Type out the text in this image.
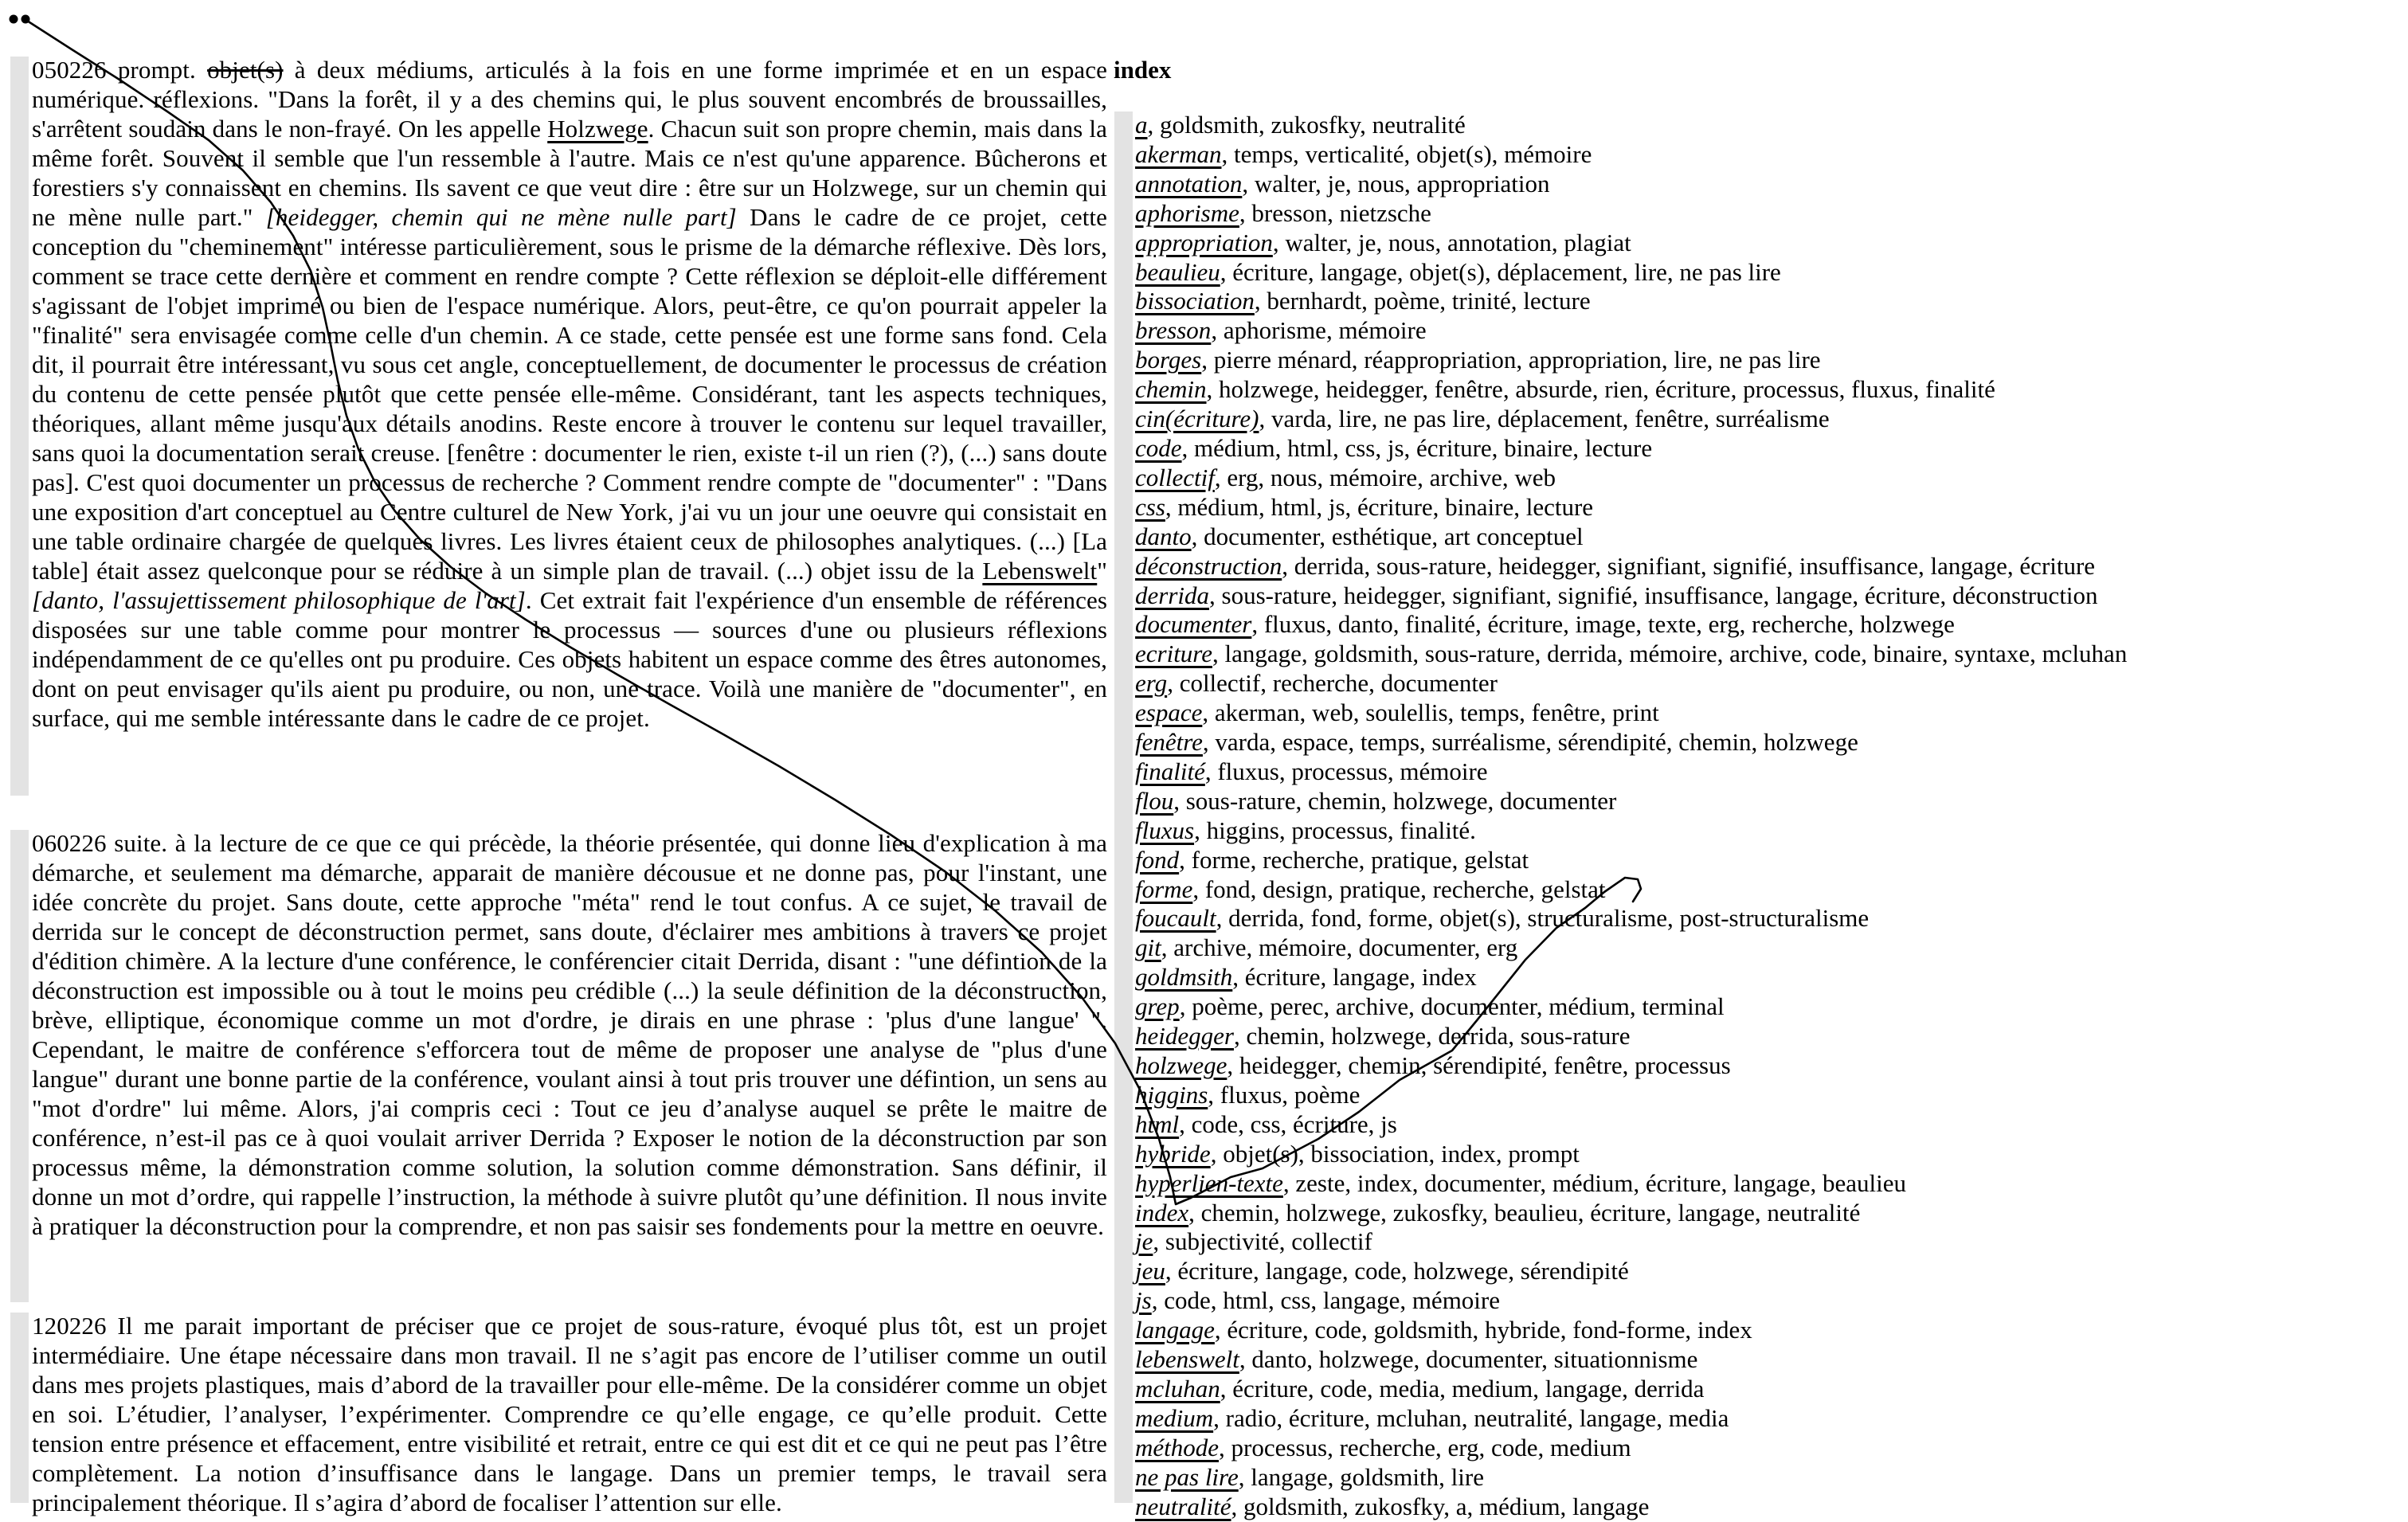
050226 prompt. objet(s) à deux médiums, articulés à la fois en une forme imprimée et en un espace numérique. réflexions. "Dans la forêt, il y a des chemins qui, le plus souvent encombrés de broussailles, s'arrêtent soudain dans le non-frayé. On les appelle Holzwege. Chacun suit son propre chemin, mais dans la même forêt. Souvent il semble que l'un ressemble à l'autre. Mais ce n'est qu'une apparence. Bûcherons et forestiers s'y connaissent en chemins. Ils savent ce que veut dire : être sur un Holzwege, sur un chemin qui ne mène nulle part." [heidegger, chemin qui ne mène nulle part] Dans le cadre de ce projet, cette conception du "cheminement" intéresse particulièrement, sous le prisme de la démarche réflexive. Dès lors, comment se trace cette dernière et comment en rendre compte ? Cette réflexion se déploit-elle différement s'agissant de l'objet imprimé ou bien de l'espace numérique. Alors, peut-être, ce qu'on pourrait appeler la "finalité" sera envisagée comme celle d'un chemin. A ce stade, cette pensée est une forme sans fond. Cela dit, il pourrait être intéressant, vu sous cet angle, conceptuellement, de documenter le processus de création du contenu de cette pensée plutôt que cette pensée elle-même. Considérant, tant les aspects techniques, théoriques, allant même jusqu'aux détails anodins. Reste encore à trouver le contenu sur lequel travailler, sans quoi la documentation serait creuse. [fenêtre : documenter le rien, existe t-il un rien (?), (...) sans doute pas]. C'est quoi documenter un processus de recherche ? Comment rendre compte de "documenter" : "Dans une exposition d'art conceptuel au Centre culturel de New York, j'ai vu un jour une oeuvre qui consistait en une table ordinaire chargée de quelques livres. Les livres étaient ceux de philosophes analytiques. (...) [La table] était assez quelconque pour se réduire à un simple plan de travail. (...) objet issu de la Lebenswelt" [danto, l'assujettissement philosophique de l'art]. Cet extrait fait l'expérience d'un ensemble de références disposées sur une table comme pour montrer le processus — sources d'une ou plusieurs réflexions indépendamment de ce qu'elles ont pu produire. Ces objets habitent un espace comme des êtres autonomes, dont on peut envisager qu'ils aient pu produire, ou non, une trace. Voilà une manière de "documenter", en surface, qui me semble intéressante dans le cadre de ce projet.

060226 suite. à la lecture de ce que ce qui précède, la théorie présentée, qui donne lieu d'explication à ma démarche, et seulement ma démarche, apparait de manière décousue et ne donne pas, pour l'instant, une idée concrète du projet. Sans doute, cette approche "méta" rend le tout confus. A ce sujet, le travail de derrida sur le concept de déconstruction permet, sans doute, d'éclairer mes ambitions à travers ce projet d'édition chimère. A la lecture d'une conférence, le conférencier citait Derrida, disant : "une défintion de la déconstruction est impossible ou à tout le moins peu crédible (...) la seule définition de la déconstruction, brève, elliptique, économique comme un mot d'ordre, je dirais en une phrase : 'plus d'une langue' ". Cependant, le maitre de conférence s'efforcera tout de même de proposer une analyse de "plus d'une langue" durant une bonne partie de la conférence, voulant ainsi à tout pris trouver une défintion, un sens au "mot d'ordre" lui même. Alors, j'ai compris ceci : Tout ce jeu d’analyse auquel se prête le maitre de conférence, n’est-il pas ce à quoi voulait arriver Derrida ? Exposer le notion de la déconstruction par son processus même, la démonstration comme solution, la solution comme démonstration. Sans définir, il donne un mot d’ordre, qui rappelle l’instruction, la méthode à suivre plutôt qu’une définition. Il nous invite à pratiquer la déconstruction pour la comprendre, et non pas saisir ses fondements pour la mettre en oeuvre.

120226 Il me parait important de préciser que ce projet de sous-rature, évoqué plus tôt, est un projet intermédiaire. Une étape nécessaire dans mon travail. Il ne s’agit pas encore de l’utiliser comme un outil dans mes projets plastiques, mais d’abord de la travailler pour elle-même. De la considérer comme un objet en soi. L’étudier, l’analyser, l’expérimenter. Comprendre ce qu’elle engage, ce qu’elle produit. Cette tension entre présence et effacement, entre visibilité et retrait, entre ce qui est dit et ce qui ne peut pas l’être complètement. La notion d’insuffisance dans le langage. Dans un premier temps, le travail sera principalement théorique. Il s’agira d’abord de focaliser l’attention sur elle.

index
a, goldsmith, zukosfky, neutralité
akerman, temps, verticalité, objet(s), mémoire
annotation, walter, je, nous, appropriation
aphorisme, bresson, nietzsche
appropriation, walter, je, nous, annotation, plagiat
beaulieu, écriture, langage, objet(s), déplacement, lire, ne pas lire
bissociation, bernhardt, poème, trinité, lecture
bresson, aphorisme, mémoire
borges, pierre ménard, réappropriation, appropriation, lire, ne pas lire
chemin, holzwege, heidegger, fenêtre, absurde, rien, écriture, processus, fluxus, finalité
cin(écriture), varda, lire, ne pas lire, déplacement, fenêtre, surréalisme
code, médium, html, css, js, écriture, binaire, lecture
collectif, erg, nous, mémoire, archive, web
css, médium, html, js, écriture, binaire, lecture
danto, documenter, esthétique, art conceptuel
déconstruction, derrida, sous-rature, heidegger, signifiant, signifié, insuffisance, langage, écriture
derrida, sous-rature, heidegger, signifiant, signifié, insuffisance, langage, écriture, déconstruction
documenter, fluxus, danto, finalité, écriture, image, texte, erg, recherche, holzwege
ecriture, langage, goldsmith, sous-rature, derrida, mémoire, archive, code, binaire, syntaxe, mcluhan
erg, collectif, recherche, documenter
espace, akerman, web, soulellis, temps, fenêtre, print
fenêtre, varda, espace, temps, surréalisme, sérendipité, chemin, holzwege
finalité, fluxus, processus, mémoire
flou, sous-rature, chemin, holzwege, documenter
fluxus, higgins, processus, finalité.
fond, forme, recherche, pratique, gelstat
forme, fond, design, pratique, recherche, gelstat
foucault, derrida, fond, forme, objet(s), structuralisme, post-structuralisme
git, archive, mémoire, documenter, erg
goldmsith, écriture, langage, index
grep, poème, perec, archive, documenter, médium, terminal
heidegger, chemin, holzwege, derrida, sous-rature
holzwege, heidegger, chemin, sérendipité, fenêtre, processus
higgins, fluxus, poème
html, code, css, écriture, js
hybride, objet(s), bissociation, index, prompt
hyperlien-texte, zeste, index, documenter, médium, écriture, langage, beaulieu
index, chemin, holzwege, zukosfky, beaulieu, écriture, langage, neutralité
je, subjectivité, collectif
jeu, écriture, langage, code, holzwege, sérendipité
js, code, html, css, langage, mémoire
langage, écriture, code, goldsmith, hybride, fond-forme, index
lebenswelt, danto, holzwege, documenter, situationnisme
mcluhan, écriture, code, media, medium, langage, derrida
medium, radio, écriture, mcluhan, neutralité, langage, media
méthode, processus, recherche, erg, code, medium
ne pas lire, langage, goldsmith, lire
neutralité, goldsmith, zukosfky, a, médium, langage
